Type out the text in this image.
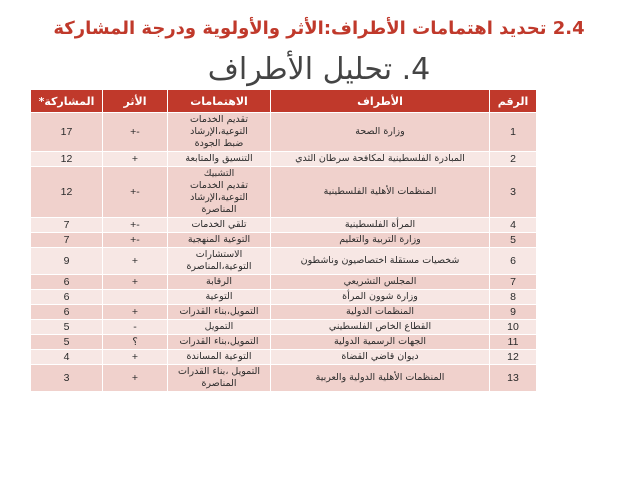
2.4 تحديد اهتمامات الأطراف:الأثر والأولوية ودرجة المشاركة
4. تحليل الأطراف
الرقم	الأطراف	الاهتمامات	الأثر	المشاركة*
1	وزارة الصحة	تقديم الخدمات
التوعية،الإرشاد
ضبط الجودة	+-	17
2	المبادرة الفلسطينية لمكافحة سرطان الثدي	التنسيق والمتابعة	+	12
3	المنظمات الأهلية الفلسطينية	التشبيك
تقديم الخدمات
التوعية،الإرشاد
المناصرة	+-	12
4	المرأة الفلسطينية	تلقي الخدمات	+-	7
5	وزارة التربية والتعليم	التوعية المنهجية	+-	7
6	شخصيات مستقلة اختصاصيون وناشطون	الاستشارات
التوعية،المناصرة	+	9
7	المجلس التشريعي	الرقابة	+	6
8	وزارة شوون المرأة	التوعية		6
9	المنظمات الدولية	التمويل،بناء القدرات	+	6
10	القطاع الخاص الفلسطيني	التمويل	-	5
11	الجهات الرسمية الدولية	التمويل،بناء القدرات	؟	5
12	ديوان قاضي القضاة	التوعية المساندة	+	4
13	المنظمات الأهلية الدولية والعربية	التمويل ،بناء القدرات
المناصرة	+	3
